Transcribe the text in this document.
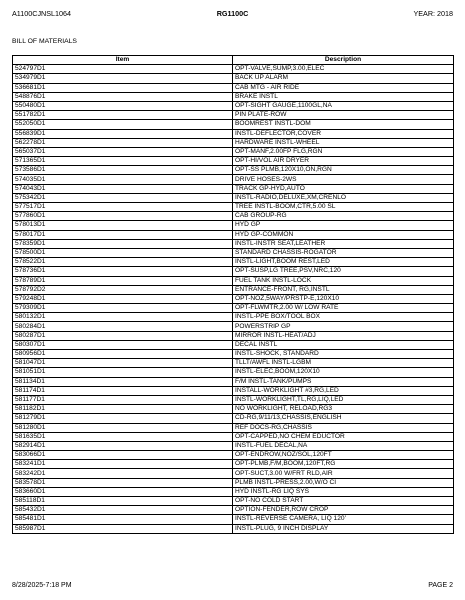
RG1100C
A1100CJNSL1064	YEAR: 2018
BILL OF MATERIALS
Item	Description
524797D1	OPT-VALVE,SUMP,3.00,ELEC
534979D1	BACK UP ALARM
536681D1	CAB MTG - AIR RIDE
548876D1	BRAKE INSTL
550480D1	OPT-SIGHT GAUGE,1100GL,NA
551782D1	PIN PLATE-ROW
552050D1	BOOMREST INSTL-DOM
556839D1	INSTL-DEFLECTOR,COVER
562278D1	HARDWARE INSTL-WHEEL
565037D1	OPT-MANF,2.00FP FLG,RGN
571365D1	OPT-HI/VOL AIR DRYER
573586D1	OPT-SS PLMB,120X10,ON,RGN
574035D1	DRIVE HOSES-2WS
574043D1	TRACK GP-HYD,AUTO
575342D1	INSTL-RADIO,DELUXE,XM,CRENLO
577517D1	TREE INSTL-BOOM,CTR,5.00 SL
577860D1	CAB GROUP-RG
578013D1	HYD GP
578017D1	HYD GP-COMMON
578359D1	INSTL-INSTR SEAT,LEATHER
578500D1	STANDARD CHASSIS-ROGATOR
578522D1	INSTL-LIGHT,BOOM REST,LED
578736D1	OPT-SUSP,LG TREE,PSV,NRC,120
578789D1	FUEL TANK INSTL-LOCK
578792D2	ENTRANCE-FRONT, RG,INSTL
579248D1	OPT-NOZ,5WAY/PRSTP-E,120X10
579309D1	OPT-FLWMTR,2.00 W/ LOW RATE
580132D1	INSTL-PPE BOX/TOOL BOX
580284D1	POWERSTRIP GP
580287D1	MIRROR INSTL-HEAT/ADJ
580307D1	DECAL INSTL
580956D1	INSTL-SHOCK, STANDARD
581047D1	TLLT/AWFL INSTL-LGBM
581051D1	INSTL-ELEC,BOOM,120X10
581134D1	F/M INSTL-TANK/PUMPS
581174D1	INSTALL-WORKLIGHT #3,RG,LED
581177D1	INSTL-WORKLIGHT,TL,RG,LIQ,LED
581182D1	NO WORKLIGHT, RELOAD,RG3
581279D1	CD-RG,9/11/13,CHASSIS,ENGLISH
581280D1	REF DOCS-RG,CHASSIS
581635D1	OPT-CAPPED,NO CHEM EDUCTOR
582914D1	INSTL-FUEL DECAL,NA
583066D1	OPT-ENDROW,NOZ/SOL,120FT
583241D1	OPT-PLMB,F/M,BOOM,120FT,RG
583242D1	OPT-SUCT,3.00 W/FRT RLD,AIR
583578D1	PLMB INSTL-PRESS,2.00,W/O CI
583660D1	HYD INSTL-RG LIQ SYS
585118D1	OPT-NO COLD START
585432D1	OPTION-FENDER,ROW CROP
585481D1	INSTL-REVERSE CAMERA, LIQ 120'
585987D1	INSTL-PLUG, 9 INCH DISPLAY
8/28/2025-7:18 PM	PAGE 2
